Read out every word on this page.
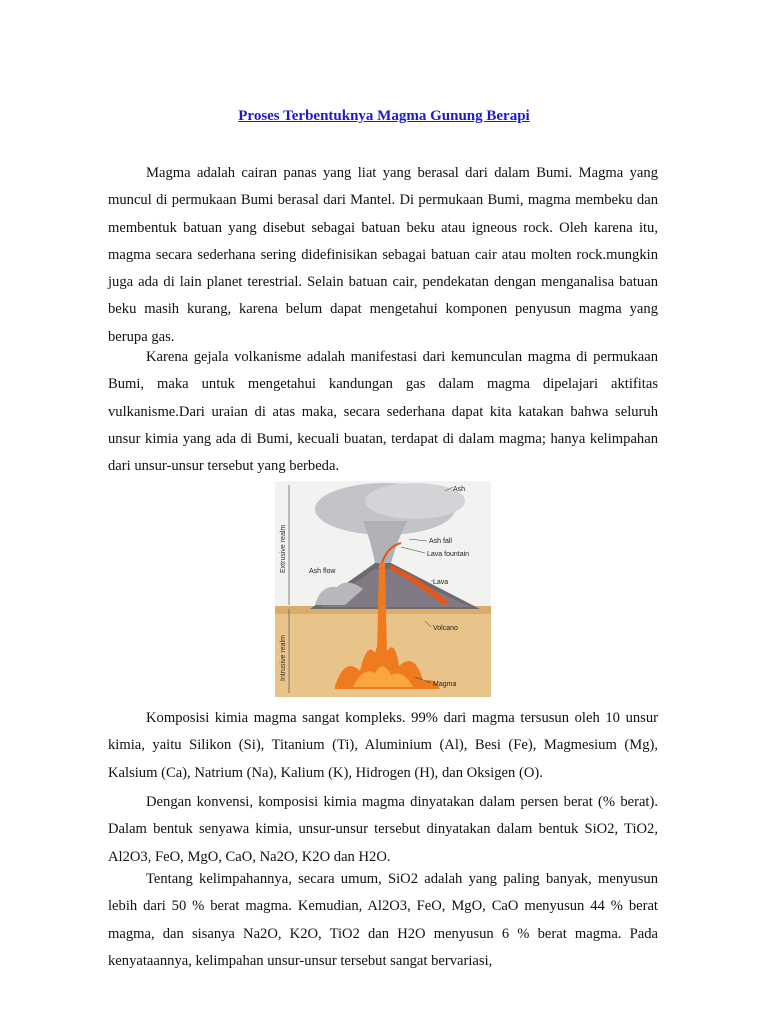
Proses Terbentuknya Magma Gunung Berapi

Magma adalah cairan panas yang liat yang berasal dari dalam Bumi. Magma yang muncul di permukaan Bumi berasal dari Mantel. Di permukaan Bumi, magma membeku dan membentuk batuan yang disebut sebagai batuan beku atau igneous rock. Oleh karena itu, magma secara sederhana sering didefinisikan sebagai batuan cair atau molten rock.mungkin juga ada di lain planet terestrial. Selain batuan cair, pendekatan dengan menganalisa batuan beku masih kurang, karena belum dapat mengetahui komponen penyusun magma yang berupa gas.

Karena gejala volkanisme adalah manifestasi dari kemunculan magma di permukaan Bumi, maka untuk mengetahui kandungan gas dalam magma dipelajari aktifitas vulkanisme.Dari uraian di atas maka, secara sederhana dapat kita katakan bahwa seluruh unsur kimia yang ada di Bumi, kecuali buatan, terdapat di dalam magma; hanya kelimpahan dari unsur-unsur tersebut yang berbeda.

Extrusive realm
Intrusive realm
Ash
Ash fall
Lava fountain
Ash flow
Lava
Volcano
Magma

Komposisi kimia magma sangat kompleks. 99% dari magma tersusun oleh 10 unsur kimia, yaitu Silikon (Si), Titanium (Ti), Aluminium (Al), Besi (Fe), Magmesium (Mg), Kalsium (Ca), Natrium (Na), Kalium (K), Hidrogen (H), dan Oksigen (O).

Dengan konvensi, komposisi kimia magma dinyatakan dalam persen berat (% berat). Dalam bentuk senyawa kimia, unsur-unsur tersebut dinyatakan dalam bentuk SiO2, TiO2, Al2O3, FeO, MgO, CaO, Na2O, K2O dan H2O.

Tentang kelimpahannya, secara umum, SiO2 adalah yang paling banyak, menyusun lebih dari 50 % berat magma. Kemudian, Al2O3, FeO, MgO, CaO menyusun 44 % berat magma, dan sisanya Na2O, K2O, TiO2 dan H2O menyusun 6 % berat magma. Pada kenyataannya, kelimpahan unsur-unsur tersebut sangat bervariasi,
